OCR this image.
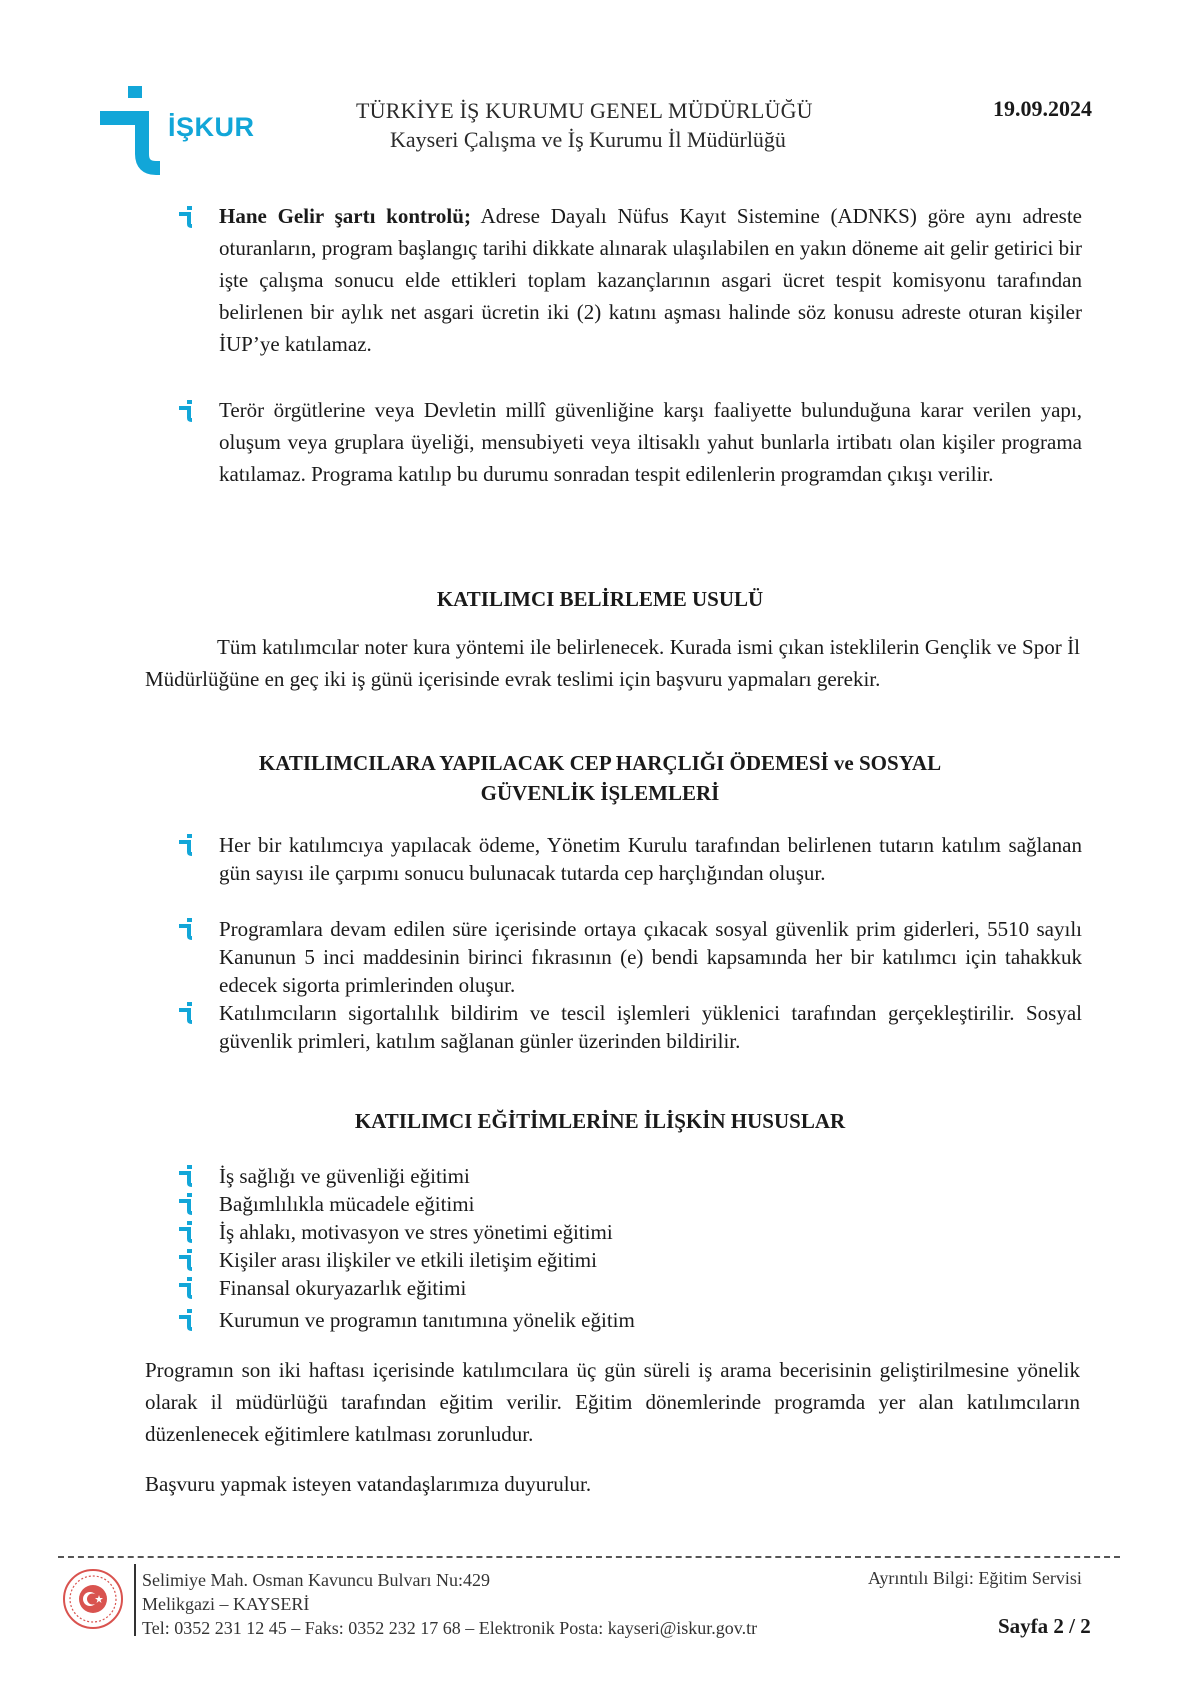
İŞKUR
TÜRKİYE İŞ KURUMU GENEL MÜDÜRLÜĞÜ
Kayseri Çalışma ve İş Kurumu İl Müdürlüğü
19.09.2024
Hane Gelir şartı kontrolü; Adrese Dayalı Nüfus Kayıt Sistemine (ADNKS) göre aynı adreste oturanların, program başlangıç tarihi dikkate alınarak ulaşılabilen en yakın döneme ait gelir getirici bir işte çalışma sonucu elde ettikleri toplam kazançlarının asgari ücret tespit komisyonu tarafından belirlenen bir aylık net asgari ücretin iki (2) katını aşması halinde söz konusu adreste oturan kişiler İUP’ye katılamaz.
Terör örgütlerine veya Devletin millî güvenliğine karşı faaliyette bulunduğuna karar verilen yapı, oluşum veya gruplara üyeliği, mensubiyeti veya iltisaklı yahut bunlarla irtibatı olan kişiler programa katılamaz. Programa katılıp bu durumu sonradan tespit edilenlerin programdan çıkışı verilir.
KATILIMCI BELİRLEME USULÜ
Tüm katılımcılar noter kura yöntemi ile belirlenecek. Kurada ismi çıkan isteklilerin Gençlik ve Spor İl Müdürlüğüne en geç iki iş günü içerisinde evrak teslimi için başvuru yapmaları gerekir.
KATILIMCILARA YAPILACAK CEP HARÇLIĞI ÖDEMESİ ve SOSYAL
GÜVENLİK İŞLEMLERİ
Her bir katılımcıya yapılacak ödeme, Yönetim Kurulu tarafından belirlenen tutarın katılım sağlanan gün sayısı ile çarpımı sonucu bulunacak tutarda cep harçlığından oluşur.
Programlara devam edilen süre içerisinde ortaya çıkacak sosyal güvenlik prim giderleri, 5510 sayılı Kanunun 5 inci maddesinin birinci fıkrasının (e) bendi kapsamında her bir katılımcı için tahakkuk edecek sigorta primlerinden oluşur.
Katılımcıların sigortalılık bildirim ve tescil işlemleri yüklenici tarafından gerçekleştirilir. Sosyal güvenlik primleri, katılım sağlanan günler üzerinden bildirilir.
KATILIMCI EĞİTİMLERİNE İLİŞKİN HUSUSLAR
İş sağlığı ve güvenliği eğitimi
Bağımlılıkla mücadele eğitimi
İş ahlakı, motivasyon ve stres yönetimi eğitimi
Kişiler arası ilişkiler ve etkili iletişim eğitimi
Finansal okuryazarlık eğitimi
Kurumun ve programın tanıtımına yönelik eğitim
Programın son iki haftası içerisinde katılımcılara üç gün süreli iş arama becerisinin geliştirilmesine yönelik olarak il müdürlüğü tarafından eğitim verilir. Eğitim dönemlerinde programda yer alan katılımcıların düzenlenecek eğitimlere katılması zorunludur.
Başvuru yapmak isteyen vatandaşlarımıza duyurulur.
Selimiye Mah. Osman Kavuncu Bulvarı Nu:429
Melikgazi – KAYSERİ
Tel: 0352 231 12 45 – Faks: 0352 232 17 68 – Elektronik Posta: kayseri@iskur.gov.tr
Ayrıntılı Bilgi: Eğitim Servisi
Sayfa 2 / 2
